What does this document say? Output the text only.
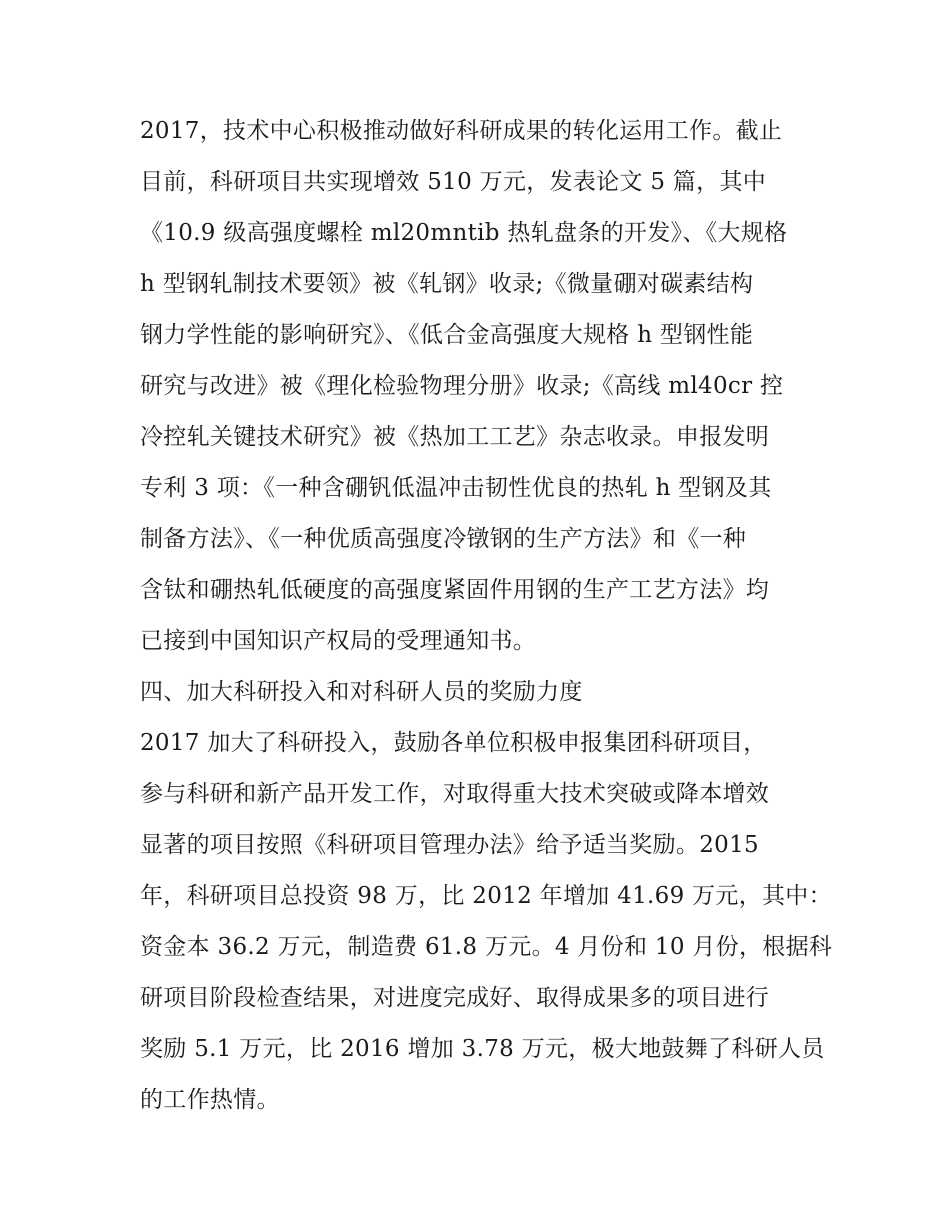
2017，技术中心积极推动做好科研成果的转化运用工作。截止
目前，科研项目共实现增效 510 万元，发表论文 5 篇，其中
《10.9 级高强度螺栓 ml20mntib 热轧盘条的开发》、《大规格
h 型钢轧制技术要领》被《轧钢》收录;《微量硼对碳素结构
钢力学性能的影响研究》、《低合金高强度大规格 h 型钢性能
研究与改进》被《理化检验物理分册》收录;《高线 ml40cr 控
冷控轧关键技术研究》被《热加工工艺》杂志收录。申报发明
专利 3 项：《一种含硼钒低温冲击韧性优良的热轧 h 型钢及其
制备方法》、《一种优质高强度冷镦钢的生产方法》和《一种
含钛和硼热轧低硬度的高强度紧固件用钢的生产工艺方法》均
已接到中国知识产权局的受理通知书。
四、加大科研投入和对科研人员的奖励力度
2017 加大了科研投入，鼓励各单位积极申报集团科研项目，
参与科研和新产品开发工作，对取得重大技术突破或降本增效
显著的项目按照《科研项目管理办法》给予适当奖励。2015
年，科研项目总投资 98 万，比 2012 年增加 41.69 万元，其中：
资金本 36.2 万元，制造费 61.8 万元。4 月份和 10 月份，根据科
研项目阶段检查结果，对进度完成好、取得成果多的项目进行
奖励 5.1 万元，比 2016 增加 3.78 万元，极大地鼓舞了科研人员
的工作热情。
